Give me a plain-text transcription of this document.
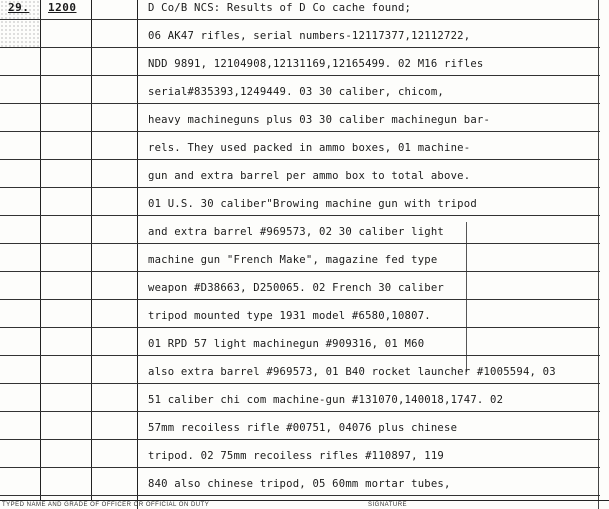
29. 1200	D Co/B NCS: Results of D Co cache found;
06 AK47 rifles, serial numbers-12117377,12112722,
NDD 9891, 12104908,12131169,12165499. 02 M16 rifles
serial#835393,1249449. 03 30 caliber, chicom,
heavy machineguns plus 03 30 caliber machinegun bar-
rels. They used packed in ammo boxes, 01 machine-
gun and extra barrel per ammo box to total above.
01 U.S. 30 caliber"Browing machine gun with tripod
and extra barrel #969573, 02 30 caliber light
machine gun "French Make", magazine fed type
weapon #D38663, D250065. 02 French 30 caliber
tripod mounted type 1931 model #6580,10807.
01 RPD 57 light machinegun #909316, 01 M60
also extra barrel #969573, 01 B40 rocket launcher #1005594, 03
51 caliber chi com machine-gun #131070,140018,1747. 02
57mm recoiless rifle #00751, 04076 plus chinese
tripod. 02 75mm recoiless rifles #110897, 119
840 also chinese tripod, 05 60mm mortar tubes,
TYPED NAME AND GRADE OF OFFICER OR OFFICIAL ON DUTY	SIGNATURE
